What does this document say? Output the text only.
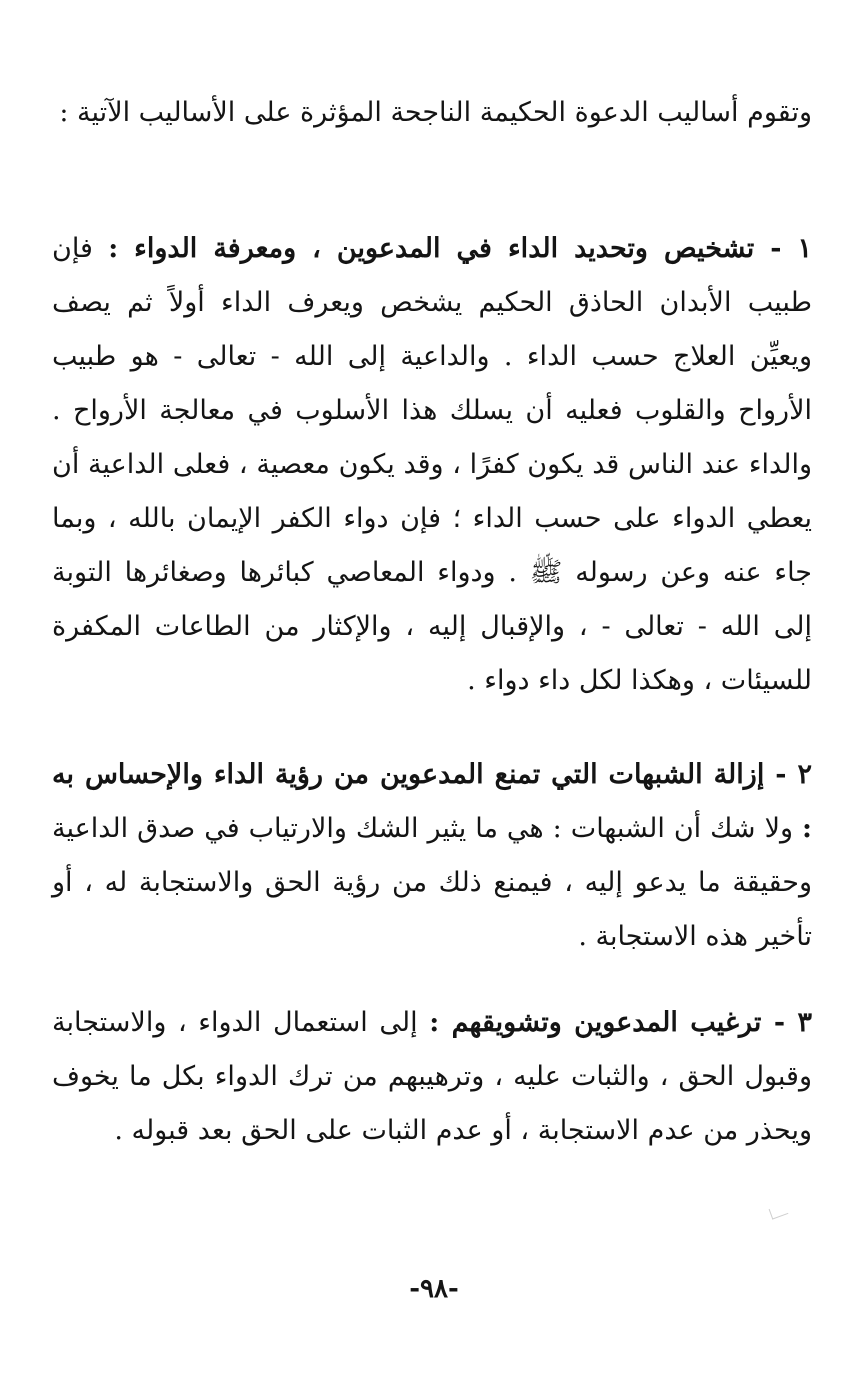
وتقوم أساليب الدعوة الحكيمة الناجحة المؤثرة على الأساليب الآتية :

١ - تشخيص وتحديد الداء في المدعوين ، ومعرفة الدواء : فإن طبيب الأبدان الحاذق الحكيم يشخص ويعرف الداء أولاً ثم يصف ويعيِّن العلاج حسب الداء . والداعية إلى الله - تعالى - هو طبيب الأرواح والقلوب فعليه أن يسلك هذا الأسلوب في معالجة الأرواح . والداء عند الناس قد يكون كفرًا ، وقد يكون معصية ، فعلى الداعية أن يعطي الدواء على حسب الداء ؛ فإن دواء الكفر الإيمان بالله ، وبما جاء عنه وعن رسوله ﷺ . ودواء المعاصي كبائرها وصغائرها التوبة إلى الله - تعالى - ، والإقبال إليه ، والإكثار من الطاعات المكفرة للسيئات ، وهكذا لكل داء دواء .

٢ - إزالة الشبهات التي تمنع المدعوين من رؤية الداء والإحساس به : ولا شك أن الشبهات : هي ما يثير الشك والارتياب في صدق الداعية وحقيقة ما يدعو إليه ، فيمنع ذلك من رؤية الحق والاستجابة له ، أو تأخير هذه الاستجابة .

٣ - ترغيب المدعوين وتشويقهم : إلى استعمال الدواء ، والاستجابة وقبول الحق ، والثبات عليه ، وترهيبهم من ترك الدواء بكل ما يخوف ويحذر من عدم الاستجابة ، أو عدم الثبات على الحق بعد قبوله .

-٩٨-
